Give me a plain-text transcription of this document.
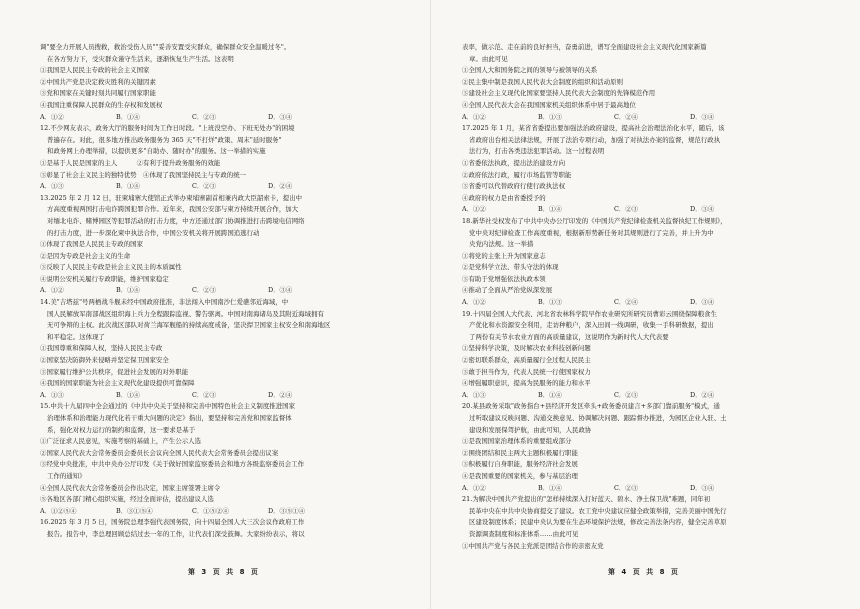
调"要全力开展人员搜救，救治受伤人员""妥善安置受灾群众，确保群众安全温暖过冬"。
在各方努力下，受灾群众谨守生活来，逐渐恢复生产生活。这表明
①我国是人民民主专政的社会主义国家
②中国共产党是决定救灾胜利的关键因素
③党和国家在关键时刻共同履行国家职能
④我国注重保障人民群众的生存权和发展权
A．①②	B．①④	C．②③	D．③④
12.不少网友表示，政务大厅的服务时间为工作日时段。"上班没空办、下班无处办"的困境
普遍存在。对此，很多地方推出政务服务为 365 天"不打烊"政策、周末"延时服务"
和政务网上办理举措，以提供更多"自助办、随时办"的服务。这一举措的实施
①是基于人民是国家的主人　　　②有利于提升政务服务的效能
③彰显了社会主义民主的独特优势　④体现了我国坚持民主与专政的统一
A．①③	B．①④	C．②③	D．②④
13.2025 年 2 月 12 日，驻柬埔寨大使馆正式举办柬埔寨副首相兼内政大臣韶索卡，提出中
方高度重视两国打击电诈跨国犯罪合作。近年来，我国公安部与柬方持续开展合作，加大
对缅北电诈、赌博园区等犯罪活动的打击力度，中方还通过部门协调推进打击跨境电信网络
的打击力度，进一步深化柬中执法合作，中国公安机关将开展跨国追逃行动
①体现了我国是人民民主专政的国家
②是因为专政是社会主义的生命
③反映了人民民主专政是社会主义民主的本质属性
④说明公安机关履行专政职能，维护国家稳定
A．①②	B．①④	C．②③	D．③④
14.美"吉塔兹"号两栖战斗舰未经中国政府批准，非法闯入中国南沙仁爱礁邻近海域，中
国人民解放军南部战区组织海上兵力全程跟踪监视、警告驱离。中国对南海诸岛及其附近海域拥有
无可争辩的主权。此次战区部队对荷兰海军舰船的持续高度戒备，坚决捍卫国家主权安全和南海地区
和平稳定。这体现了
①我国尊重和保障人权，坚持人民民主专政
②国家坚决防御外来侵略并坚定保卫国家安全
③国家履行维护公共秩序，促进社会发展的对外职能
④我国的国家职能为社会主义现代化建设提供可靠保障
A．①③	B．①④	C．②③	D．②④
15.中共十九届四中全会通过的《中共中央关于坚持和完善中国特色社会主义制度推进国家
治理体系和治理能力现代化若干重大问题的决定》指出，要坚持和完善党和国家监督体
系，强化对权力运行的制约和监督，这一要求是基于
①广泛征求人民意见，实施考察的基础上，产生公示人选
②国家人民代表大会常务委员会委员长会议向全国人民代表大会常务委员会提出议案
③经党中央批准，中共中央办公厅印发《关于做好国家监察委员会和地方各级监察委员会工作
工作的通知》
④全国人民代表大会常务委员会作出决定，国家主席签署主席令
⑤各地区各部门精心组织实施，经过全面评估，提出建议人选
A．①②⑤④	B．③①⑤④	C．①⑤②④	D．③⑤①④
16.2025 年 3 月 5 日，国务院总理李强代表国务院，向十四届全国人大三次会议作政府工作
报告。报告中，李总理回顾总结过去一年的工作，让代表们深受鼓舞。大家纷纷表示，将以
表率，做示范、走在前的良好担当，奋勇前进，谱写全面建设社会主义现代化国家新篇
章。由此可见
①全国人大和国务院之间的领导与被领导的关系
②民主集中制是我国人民代表大会制度的组织和活动原则
③建设社会主义现代化国家要坚持人民代表大会制度的先锋模范作用
④全国人民代表大会在我国国家机关组织体系中居于最高地位
A．①②	B．①③	C．②④	D．③④
17.2025 年 1 月，某省省委提出要加强法治政府建设，提高社会治理法治化水平，随后，该
省政府出台相关法律法规，开展了法治专项行动，加强了对执法办案的监督，规范行政执
法行为，打击各类违法犯罪活动。这一过程表明
①省委依法执政，提出法治建设方向
②政府依法行政，履行市场监管等职能
③省委可以代替政府行使行政执法权
④政府的权力是由省委授予的
A．①②	B．①④	C．②③	D．③④
18.新华社受权发布了中共中央办公厅印发的《中国共产党纪律检查机关监督执纪工作规则》，
党中央对纪律检查工作高度重视，根据新形势新任务对其规则进行了完善，并上升为中
央党内法规。这一举措
①将党的主张上升为国家意志
②是党科学立法、带头守法的体现
③有助于党增强依法执政本领
④推动了全面从严治党纵深发展
A．①②	B．①③	C．②④	D．③④
19.十四届全国人大代表、河北省农林科学院早作农业研究所研究员曹彩云围绕保障粮食生
产优化和水资源安全利用，走访种粮户，深入田间一线调研，收集一手科研数据，提出
了两份有关节水农业方面的高质量建议，这说明作为新时代人大代表要
①坚持科学决策，及时解决农业科技创新问题
②密切联系群众，高质量履行全过程人民民主
③敢于担当作为，代表人民统一行使国家权力
④增强履职意识，提高为民服务的能力和水平
A．①③	B．①④	C．②③	D．②④
20.某县政务采取"政务指台+县经济开发区牵头+政务委员建言+多部门靠前服务"模式，通
过听取建议反映问题、沟通交换意见、协调解决问题、跟踪督办推进，为园区企业入驻、土
建设和发展保驾护航，由此可知，人民政协
①是我国国家治理体系的重要组成部分
②围绕团结和民主两大主题积极履行职能
③积极履行自身职能，服务经济社会发展
④是我国重要的国家机关，参与基层治理
A．①②	B．①④	C．②③	D．③④
21.为解决中国共产党提出的"怎样持续深入打好蓝天、碧水、净土保卫战"难题，同年初
民革中央在中共中央协商提交了建议。农工党中央建议应健全政策举措，完善美丽中国先行
区建设制度体系；民建中央认为要在生态环境保护法规，修改完善法条内容，健全完善草原
资源调查制度和标准体系……由此可见
①中国共产党与各民主党派是团结合作的亲密友党
第 3 页 共 8 页	第 4 页 共 8 页
